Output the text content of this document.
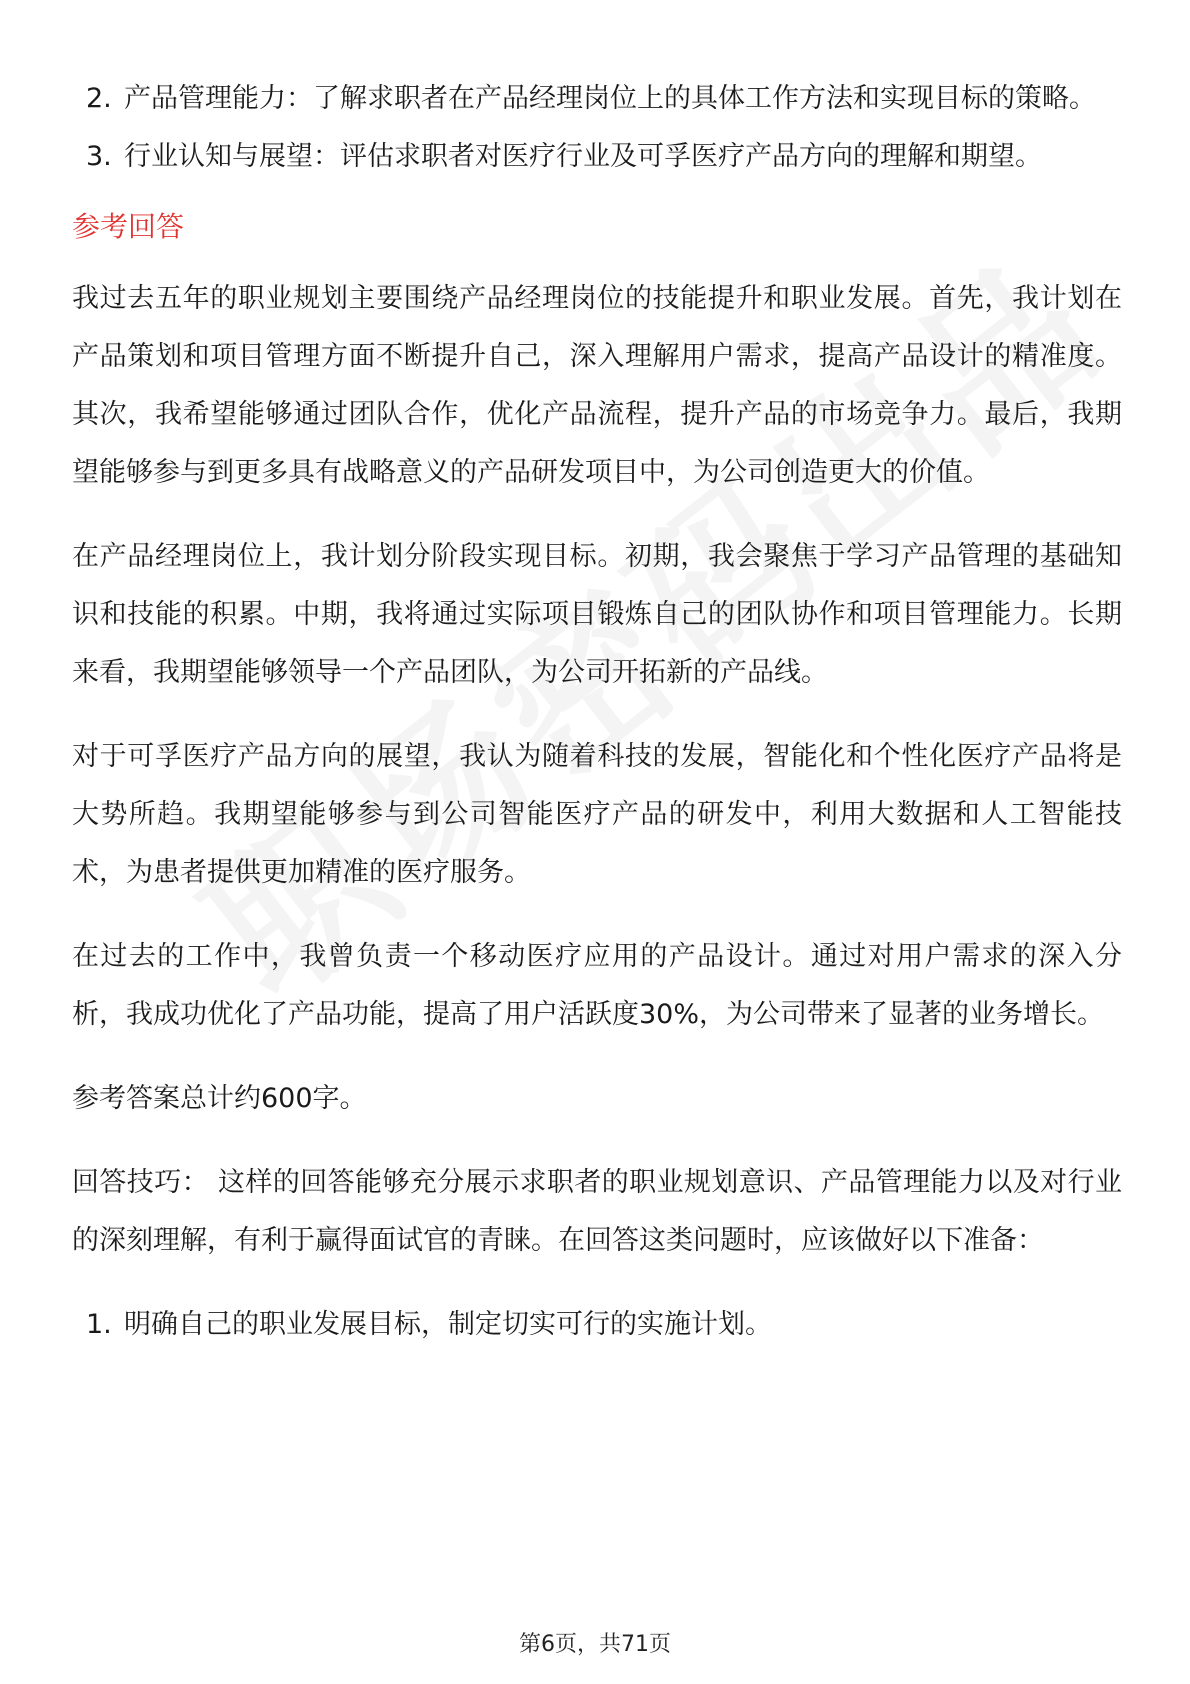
2. 产品管理能力：了解求职者在产品经理岗位上的具体工作方法和实现目标的策略。
3. 行业认知与展望：评估求职者对医疗行业及可孚医疗产品方向的理解和期望。
参考回答

我过去五年的职业规划主要围绕产品经理岗位的技能提升和职业发展。首先，我计划在产品策划和项目管理方面不断提升自己，深入理解用户需求，提高产品设计的精准度。其次，我希望能够通过团队合作，优化产品流程，提升产品的市场竞争力。最后，我期望能够参与到更多具有战略意义的产品研发项目中，为公司创造更大的价值。

在产品经理岗位上，我计划分阶段实现目标。初期，我会聚焦于学习产品管理的基础知识和技能的积累。中期，我将通过实际项目锻炼自己的团队协作和项目管理能力。长期来看，我期望能够领导一个产品团队，为公司开拓新的产品线。

对于可孚医疗产品方向的展望，我认为随着科技的发展，智能化和个性化医疗产品将是大势所趋。我期望能够参与到公司智能医疗产品的研发中，利用大数据和人工智能技术，为患者提供更加精准的医疗服务。

在过去的工作中，我曾负责一个移动医疗应用的产品设计。通过对用户需求的深入分析，我成功优化了产品功能，提高了用户活跃度30%，为公司带来了显著的业务增长。

参考答案总计约600字。

回答技巧： 这样的回答能够充分展示求职者的职业规划意识、产品管理能力以及对行业的深刻理解，有利于赢得面试官的青睐。在回答这类问题时，应该做好以下准备：

1. 明确自己的职业发展目标，制定切实可行的实施计划。
第6页，共71页
